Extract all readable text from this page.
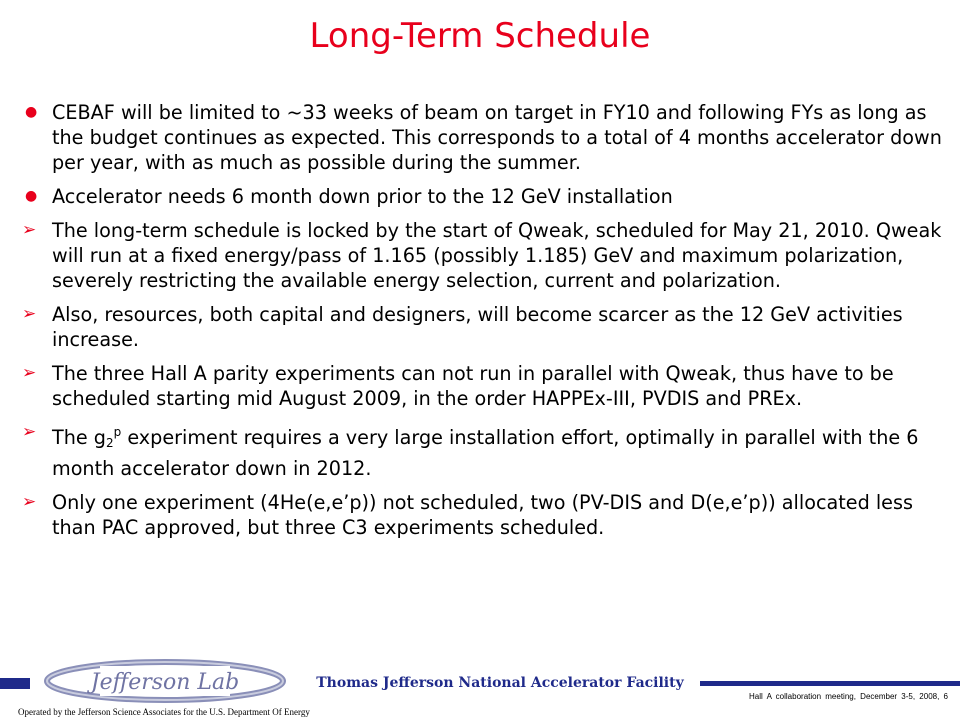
Long-Term Schedule
● CEBAF will be limited to ~33 weeks of beam on target in FY10 and following FYs as long as the budget continues as expected. This corresponds to a total of 4 months accelerator down per year, with as much as possible during the summer.
● Accelerator needs 6 month down prior to the 12 GeV installation
➢ The long-term schedule is locked by the start of Qweak, scheduled for May 21, 2010. Qweak will run at a fixed energy/pass of 1.165 (possibly 1.185) GeV and maximum polarization, severely restricting the available energy selection, current and polarization.
➢ Also, resources, both capital and designers, will become scarcer as the 12 GeV activities increase.
➢ The three Hall A parity experiments can not run in parallel with Qweak, thus have to be scheduled starting mid August 2009, in the order HAPPEx-III, PVDIS and PREx.
➢ The $g_2^p$ experiment requires a very large installation effort, optimally in parallel with the 6 month accelerator down in 2012.
➢ Only one experiment (4He(e,e’p)) not scheduled, two (PV-DIS and D(e,e’p)) allocated less than PAC approved, but three C3 experiments scheduled.
Jefferson Lab	Thomas Jefferson National Accelerator Facility
Operated by the Jefferson Science Associates for the U.S. Department Of Energy
Hall A collaboration meeting, December 3-5, 2008, 6
